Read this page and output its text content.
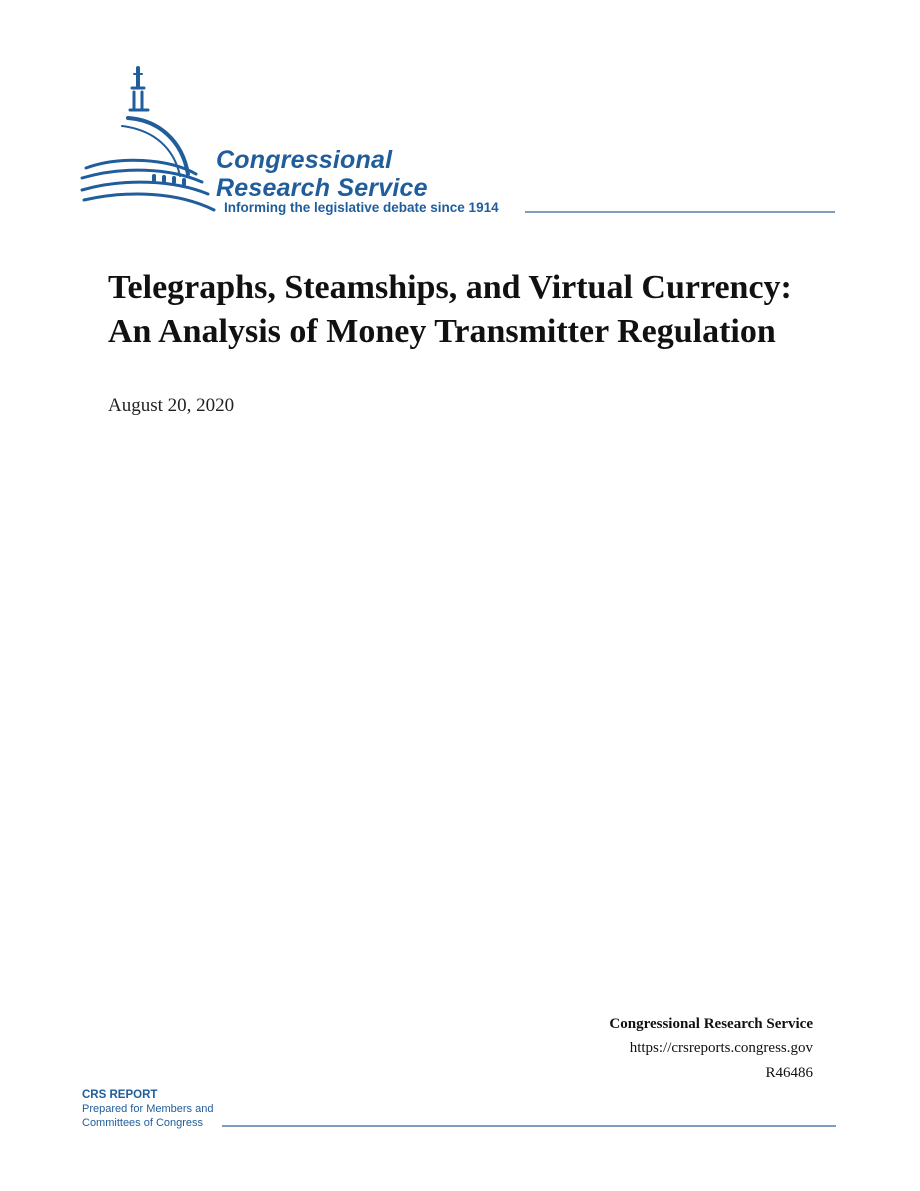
Congressional
Research Service
Informing the legislative debate since 1914
Telegraphs, Steamships, and Virtual Currency:
An Analysis of Money Transmitter Regulation
August 20, 2020
Congressional Research Service
https://crsreports.congress.gov
R46486
CRS REPORT
Prepared for Members and
Committees of Congress
